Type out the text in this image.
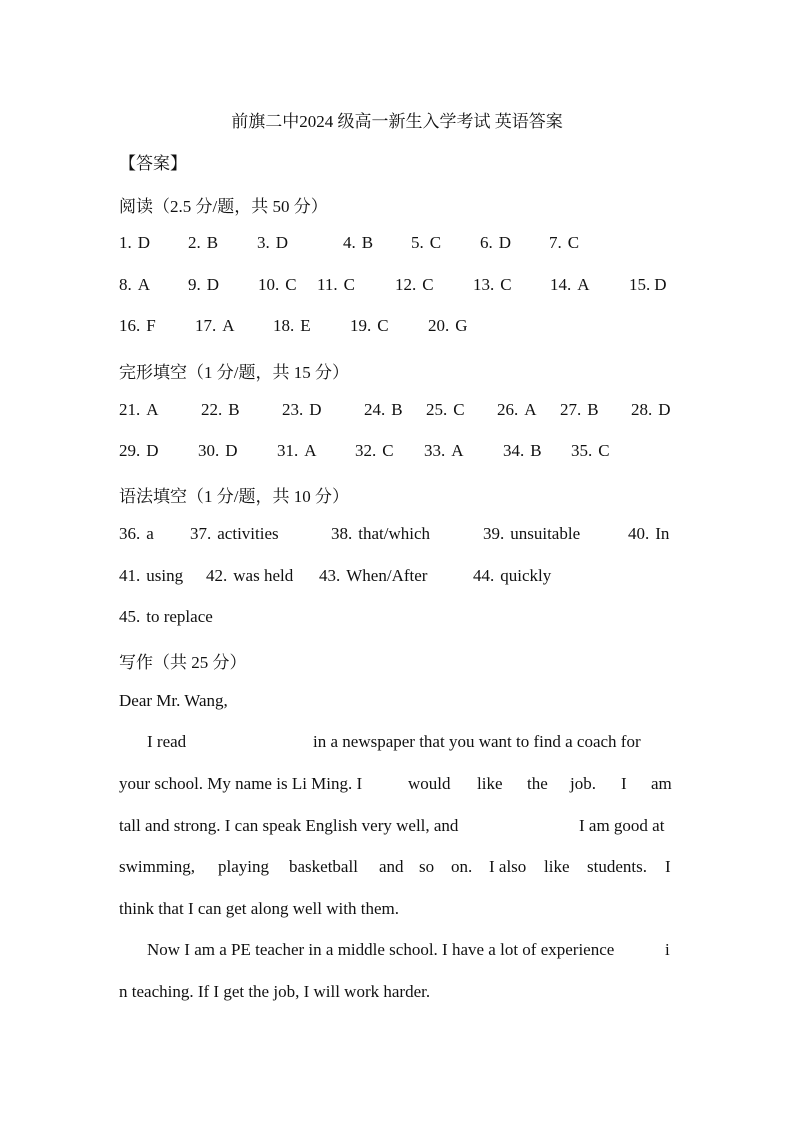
前旗二中2024 级高一新生入学考试 英语答案
【答案】
阅读（2.5 分/题，共 50 分）
1. D 2. B 3. D	4. B 5. C 6. D 7. C
8. A 9. D 10. C 11. C 12. C 13. C 14. A 15. D
16. F 17. A 18. E 19. C 20. G
完形填空（1 分/题，共 15 分）
21. A 22. B 23. D 24. B 25. C 26. A 27. B 28. D
29. D 30. D 31. A 32. C 33. A 34. B 35. C
语法填空（1 分/题，共 10 分）
36. a 37. activities	38. that/which	39. unsuitable	40. In
41. using 42. was held 43. When/After	44. quickly
45. to replace
写作（共 25 分）
Dear Mr. Wang,
I read	in a newspaper that you want to find a coach for
your school. My name is Li Ming. I	would like the job. I am
tall and strong. I can speak English very well, and	I am good at
swimming, playing basketball and so on. I also like students. I
think that I can get along well with them.
Now I am a PE teacher in a middle school. I have a lot of experience	i
n teaching. If I get the job, I will work harder.
